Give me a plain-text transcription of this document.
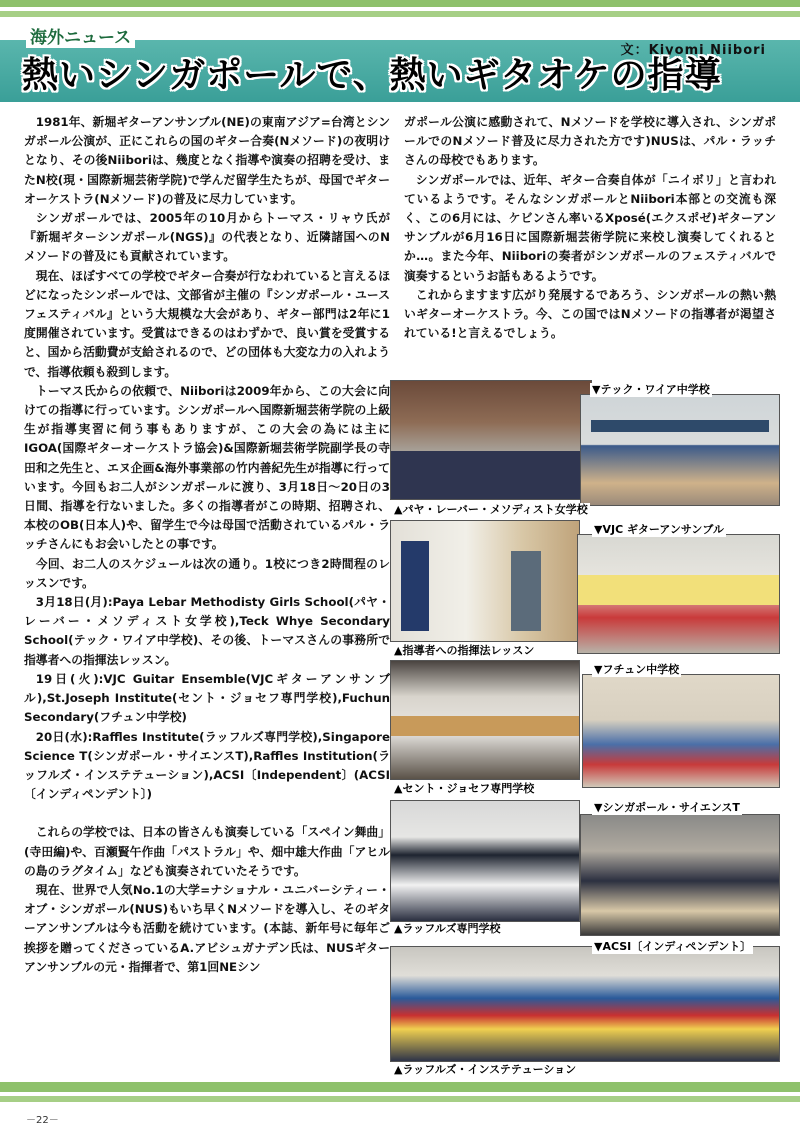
海外ニュース
文：Kiyomi Niibori
熱いシンガポールで、熱いギタオケの指導

1981年、新堀ギターアンサンブル(NE)の東南アジア=台湾とシンガポール公演が、正にこれらの国のギター合奏(Nメソード)の夜明けとなり、その後Niiboriは、幾度となく指導や演奏の招聘を受け、またN校(現・国際新堀芸術学院)で学んだ留学生たちが、母国でギターオーケストラ(Nメソード)の普及に尽力しています。

シンガポールでは、2005年の10月からトーマス・リャウ氏が『新堀ギターシンガポール(NGS)』の代表となり、近隣諸国へのNメソードの普及にも貢献されています。

現在、ほぼすべての学校でギター合奏が行なわれていると言えるほどになったシンポールでは、文部省が主催の『シンガポール・ユースフェスティバル』という大規模な大会があり、ギター部門は2年に1度開催されています。受賞はできるのはわずかで、良い賞を受賞すると、国から活動費が支給されるので、どの団体も大変な力の入れようで、指導依頼も殺到します。

トーマス氏からの依頼で、Niiboriは2009年から、この大会に向けての指導に行っています。シンガポールへ国際新堀芸術学院の上級生が指導実習に伺う事もありますが、この大会の為には主にIGOA(国際ギターオーケストラ協会)&国際新堀芸術学院副学長の寺田和之先生と、エヌ企画&海外事業部の竹内善紀先生が指導に行っています。今回もお二人がシンガポールに渡り、3月18日〜20日の3日間、指導を行ないました。多くの指導者がこの時期、招聘され、本校のOB(日本人)や、留学生で今は母国で活動されているパル・ラッチさんにもお会いしたとの事です。

今回、お二人のスケジュールは次の通り。1校につき2時間程のレッスンです。

3月18日(月):Paya Lebar Methodisty Girls School(パヤ・レーバー・メソディスト女学校),Teck Whye Secondary School(テック・ワイア中学校)、その後、トーマスさんの事務所で指導者への指揮法レッスン。

19日(火):VJC Guitar Ensemble(VJCギターアンサンブル),St.Joseph Institute(セント・ジョセフ専門学校),Fuchun Secondary(フチュン中学校)

20日(水):Raffles Institute(ラッフルズ専門学校),Singapore Science T(シンガポール・サイエンスT),Raffles Institution(ラッフルズ・インステテューション),ACSI〔Independent〕(ACSI〔インディペンデント〕)

これらの学校では、日本の皆さんも演奏している「スペイン舞曲」(寺田編)や、百瀬賢午作曲「パストラル」や、畑中雄大作曲「アヒルの島のラグタイム」なども演奏されていたそうです。

現在、世界で人気No.1の大学=ナショナル・ユニバーシティー・オブ・シンガポール(NUS)もいち早くNメソードを導入し、そのギターアンサンブルは今も活動を続けています。(本誌、新年号に毎年ご挨拶を贈ってくださっているA.アビシュガナデン氏は、NUSギターアンサンブルの元・指揮者で、第1回NEシン

ガポール公演に感動されて、Nメソードを学校に導入され、シンガポールでのNメソード普及に尽力された方です)NUSは、パル・ラッチさんの母校でもあります。

シンガポールでは、近年、ギター合奏自体が「ニイボリ」と言われているようです。そんなシンガポールとNiibori本部との交流も深く、この6月には、ケビンさん率いるXposé(エクスポゼ)ギターアンサンブルが6月16日に国際新堀芸術学院に来校し演奏してくれるとか…。また今年、Niiboriの奏者がシンガポールのフェスティバルで演奏するというお話もあるようです。

これからますます広がり発展するであろう、シンガポールの熱い熱いギターオーケストラ。今、この国ではNメソードの指導者が渇望されている!と言えるでしょう。

▼テック・ワイア中学校
▲パヤ・レーバー・メソディスト女学校
▼VJC ギターアンサンブル
▲指導者への指揮法レッスン
▼フチュン中学校
▲セント・ジョセフ専門学校
▼シンガポール・サイエンスT
▲ラッフルズ専門学校
▼ACSI〔インディペンデント〕
▲ラッフルズ・インステテューション
－22－
